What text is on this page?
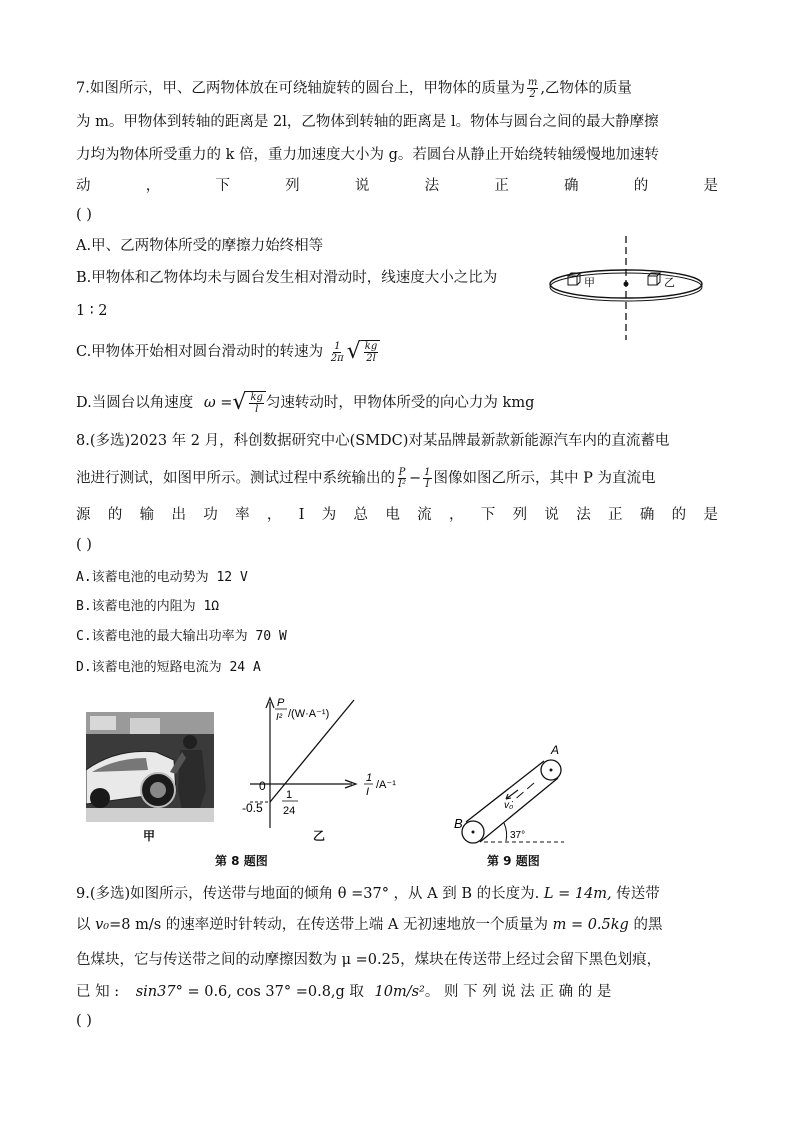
7.如图所示，甲、乙两物体放在可绕轴旋转的圆台上，甲物体的质量为 $\frac{m}{2}$ ,乙物体的质量
为 m。甲物体到转轴的距离是 2l，乙物体到转轴的距离是 l。物体与圆台之间的最大静摩擦
力均为物体所受重力的 k 倍，重力加速度大小为 g。若圆台从静止开始绕转轴缓慢地加速转
动	，	下	列	说	法	正	确	的	是
( )
A.甲、乙两物体所受的摩擦力始终相等
B.甲物体和乙物体均未与圆台发生相对滑动时，线速度大小之比为
1 ∶ 2
C.甲物体开始相对圆台滑动时的转速为 $\frac{1}{2\pi}$ √ $\frac{kg}{2l}$
D.当圆台以角速度 ω = √ $\frac{kg}{l}$ 匀速转动时，甲物体所受的向心力为 kmg
甲	乙
8.(多选)2023 年 2 月，科创数据研究中心(SMDC)对某品牌最新款新能源汽车内的直流蓄电
池进行测试，如图甲所示。测试过程中系统输出的 $\frac{P}{\text{I²}} - \frac{1}{I}$ 图像如图乙所示，其中 P 为直流电
源 的 输 出 功 率 ， I 为 总 电 流 ， 下 列 说 法 正 确 的 是
( )
A.该蓄电池的电动势为 12 V
B.该蓄电池的内阻为 1Ω
C.该蓄电池的最大输出功率为 70 W
D.该蓄电池的短路电流为 24 A
甲
P
I² /(W·A⁻¹)
1
I
/A⁻¹
0
-0.5
1
24
乙
第 8 题图
A
B
v₀
37°
第 9 题图
9.(多选)如图所示，传送带与地面的倾角 θ =37° ，从 A 到 B 的长度为. L = 14m, 传送带
以 v₀=8 m/s 的速率逆时针转动，在传送带上端 A 无初速地放一个质量为 m = 0.5kg 的黑
色煤块，它与传送带之间的动摩擦因数为 μ =0.25，煤块在传送带上经过会留下黑色划痕，
已 知 : sin37° = 0.6, cos 37° =0.8,g 取 10m/s²。 则 下 列 说 法 正 确 的 是
( )
